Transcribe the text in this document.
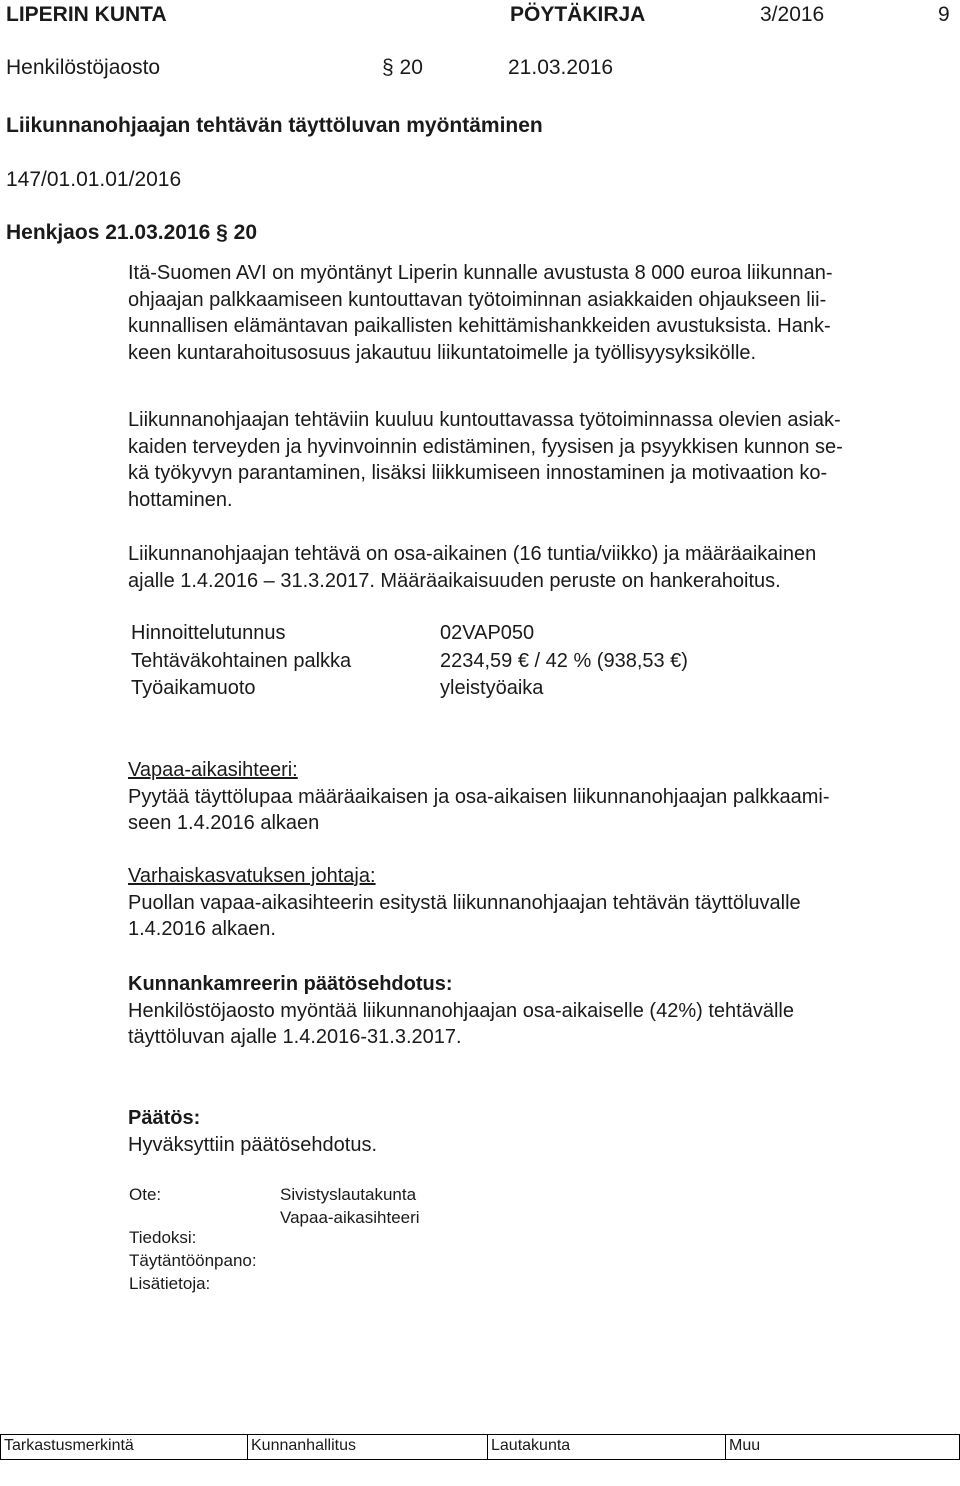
LIPERIN KUNTA	PÖYTÄKIRJA	3/2016	9
Henkilöstöjaosto	§ 20	21.03.2016
Liikunnanohjaajan tehtävän täyttöluvan myöntäminen
147/01.01.01/2016
Henkjaos 21.03.2016 § 20
Itä-Suomen AVI on myöntänyt Liperin kunnalle avustusta 8 000 euroa liikunnan-
ohjaajan palkkaamiseen kuntouttavan työtoiminnan asiakkaiden ohjaukseen lii-
kunnallisen elämäntavan paikallisten kehittämishankkeiden avustuksista. Hank-
keen kuntarahoitusosuus jakautuu liikuntatoimelle ja työllisyysyksikölle.
Liikunnanohjaajan tehtäviin kuuluu kuntouttavassa työtoiminnassa olevien asiak-
kaiden terveyden ja hyvinvoinnin edistäminen, fyysisen ja psyykkisen kunnon se-
kä työkyvyn parantaminen, lisäksi liikkumiseen innostaminen ja motivaation ko-
hottaminen.
Liikunnanohjaajan tehtävä on osa-aikainen (16 tuntia/viikko) ja määräaikainen
ajalle 1.4.2016 – 31.3.2017. Määräaikaisuuden peruste on hankerahoitus.
Hinnoittelutunnus	02VAP050
Tehtäväkohtainen palkka	2234,59 € / 42 % (938,53 €)
Työaikamuoto	yleistyöaika
Vapaa-aikasihteeri:
Pyytää täyttölupaa määräaikaisen ja osa-aikaisen liikunnanohjaajan palkkaami-
seen 1.4.2016 alkaen
Varhaiskasvatuksen johtaja:
Puollan vapaa-aikasihteerin esitystä liikunnanohjaajan tehtävän täyttöluvalle
1.4.2016 alkaen.
Kunnankamreerin päätösehdotus:
Henkilöstöjaosto myöntää liikunnanohjaajan osa-aikaiselle (42%) tehtävälle
täyttöluvan ajalle 1.4.2016-31.3.2017.
Päätös:
Hyväksyttiin päätösehdotus.
Ote:	Sivistyslautakunta
Vapaa-aikasihteeri
Tiedoksi:
Täytäntöönpano:
Lisätietoja:
Tarkastusmerkintä	Kunnanhallitus	Lautakunta	Muu
